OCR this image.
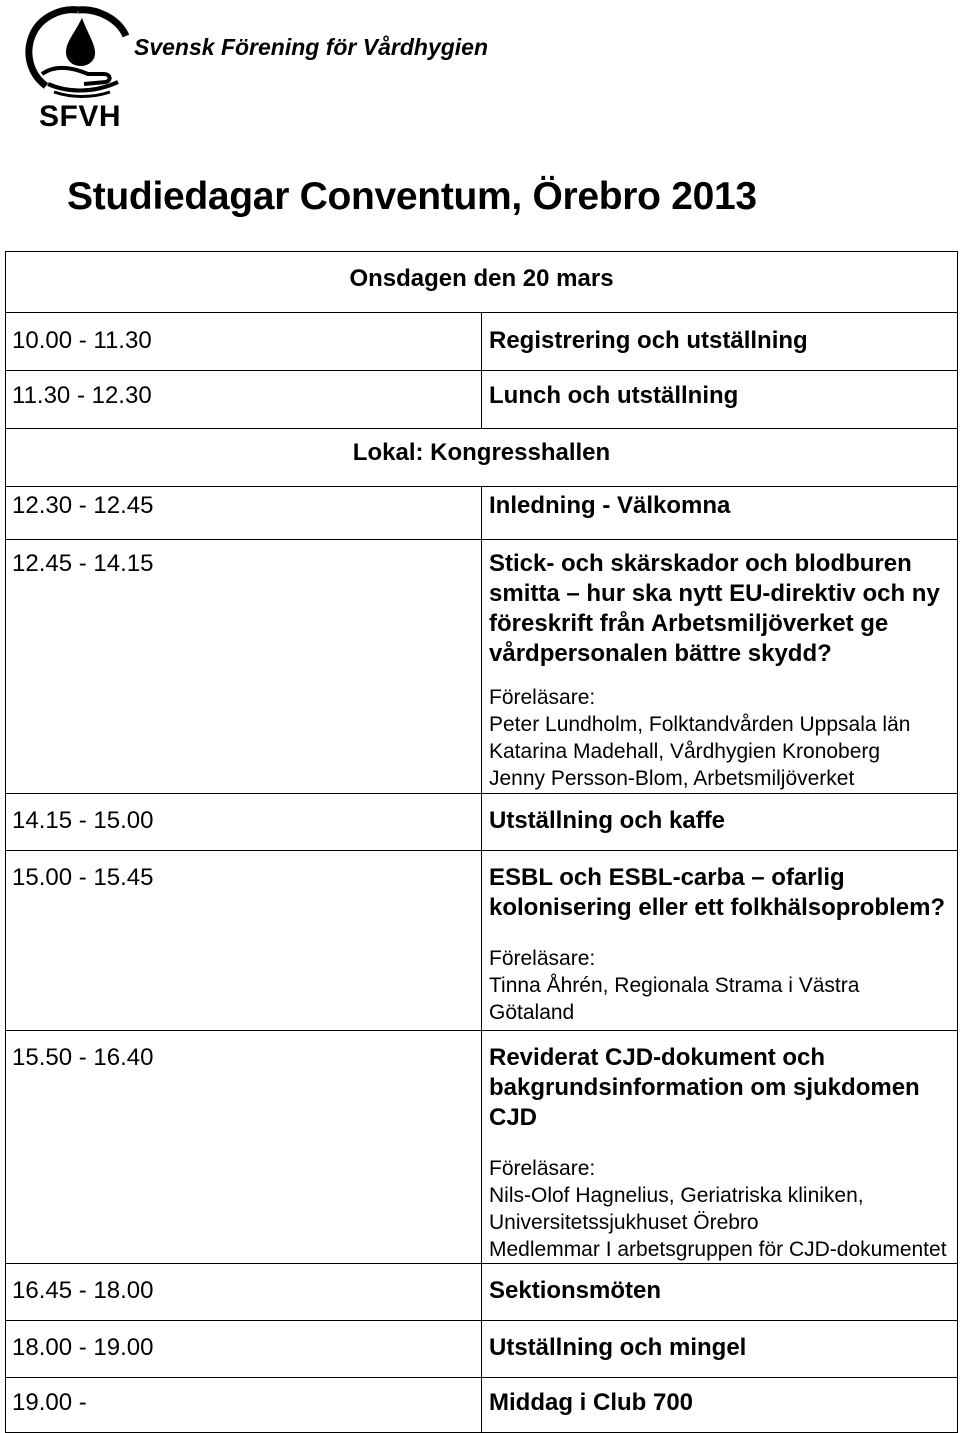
Svensk Förening för Vårdhygien
SFVH
Studiedagar Conventum, Örebro 2013
Onsdagen den 20 mars	

10.00 - 11.30	Registrering och utställning
11.30 - 12.30	Lunch och utställning

Lokal: Kongresshallen	

12.30 - 12.45	Inledning - Välkomna
12.45 - 14.15	Stick- och skärskador och blodburen smitta – hur ska nytt EU-direktiv och ny föreskrift från Arbetsmiljöverket ge vårdpersonalen bättre skydd?
Föreläsare:
Peter Lundholm, Folktandvården Uppsala län
Katarina Madehall, Vårdhygien Kronoberg
Jenny Persson-Blom, Arbetsmiljöverket

14.15 - 15.00	Utställning och kaffe
15.00 - 15.45	ESBL och ESBL-carba – ofarlig kolonisering eller ett folkhälsoproblem?
Föreläsare:
Tinna Åhrén, Regionala Strama i Västra Götaland

15.50 - 16.40	Reviderat CJD-dokument och bakgrundsinformation om sjukdomen CJD
Föreläsare:
Nils-Olof Hagnelius, Geriatriska kliniken, Universitetssjukhuset Örebro
Medlemmar I arbetsgruppen för CJD-dokumentet

16.45 - 18.00	Sektionsmöten
18.00 - 19.00	Utställning och mingel
19.00 -	Middag i Club 700
